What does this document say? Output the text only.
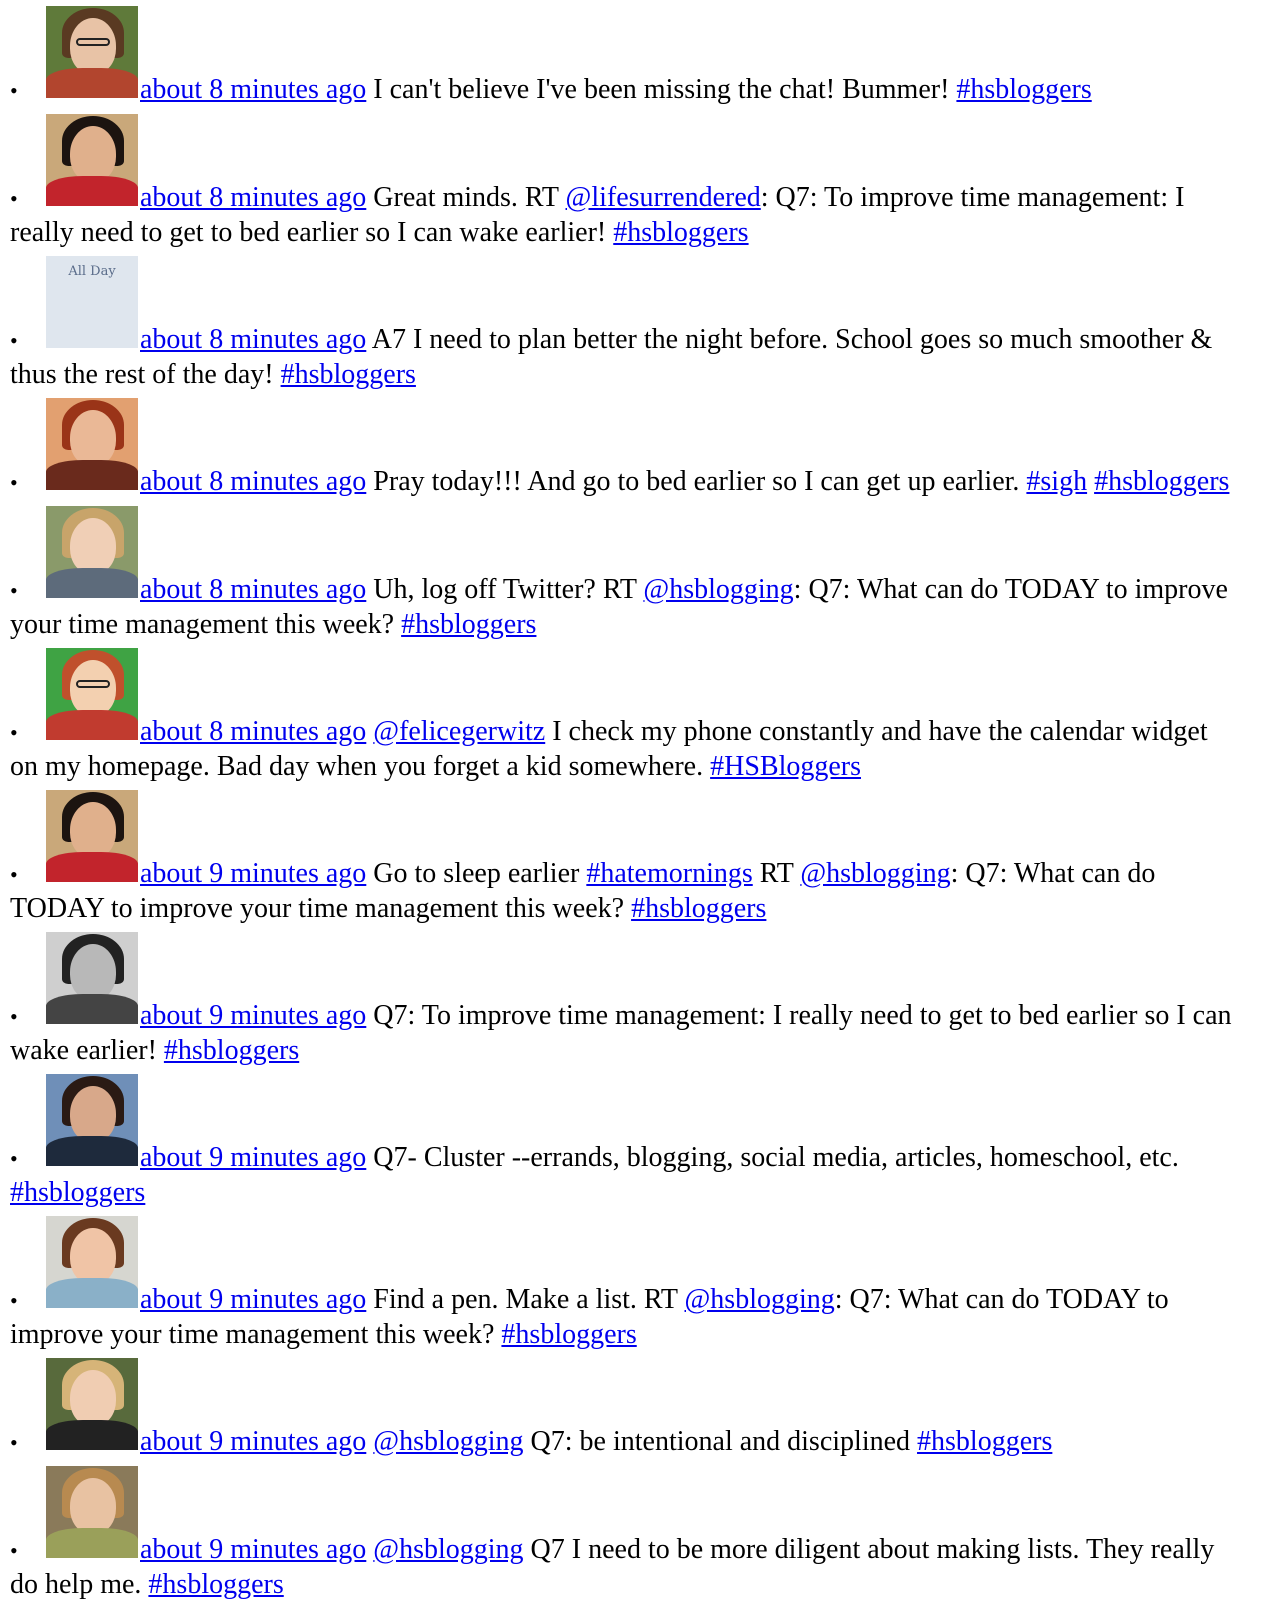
•	about 8 minutes ago I can't believe I've been missing the chat! Bummer! #hsbloggers
•	about 8 minutes ago Great minds. RT @lifesurrendered: Q7: To improve time management: I really need to get to bed earlier so I can wake earlier! #hsbloggers
•
All Day
about 8 minutes ago A7 I need to plan better the night before. School goes so much smoother & thus the rest of the day! #hsbloggers
•	about 8 minutes ago Pray today!!! And go to bed earlier so I can get up earlier. #sigh #hsbloggers
•	about 8 minutes ago Uh, log off Twitter? RT @hsblogging: Q7: What can do TODAY to improve your time management this week? #hsbloggers
•	about 8 minutes ago @felicegerwitz I check my phone constantly and have the calendar widget on my homepage. Bad day when you forget a kid somewhere. #HSBloggers
•	about 9 minutes ago Go to sleep earlier #hatemornings RT @hsblogging: Q7: What can do TODAY to improve your time management this week? #hsbloggers
•	about 9 minutes ago Q7: To improve time management: I really need to get to bed earlier so I can wake earlier! #hsbloggers
•	about 9 minutes ago Q7- Cluster --errands, blogging, social media, articles, homeschool, etc. #hsbloggers
•	about 9 minutes ago Find a pen. Make a list. RT @hsblogging: Q7: What can do TODAY to improve your time management this week? #hsbloggers
•	about 9 minutes ago @hsblogging Q7: be intentional and disciplined #hsbloggers
•	about 9 minutes ago @hsblogging Q7 I need to be more diligent about making lists. They really do help me. #hsbloggers
